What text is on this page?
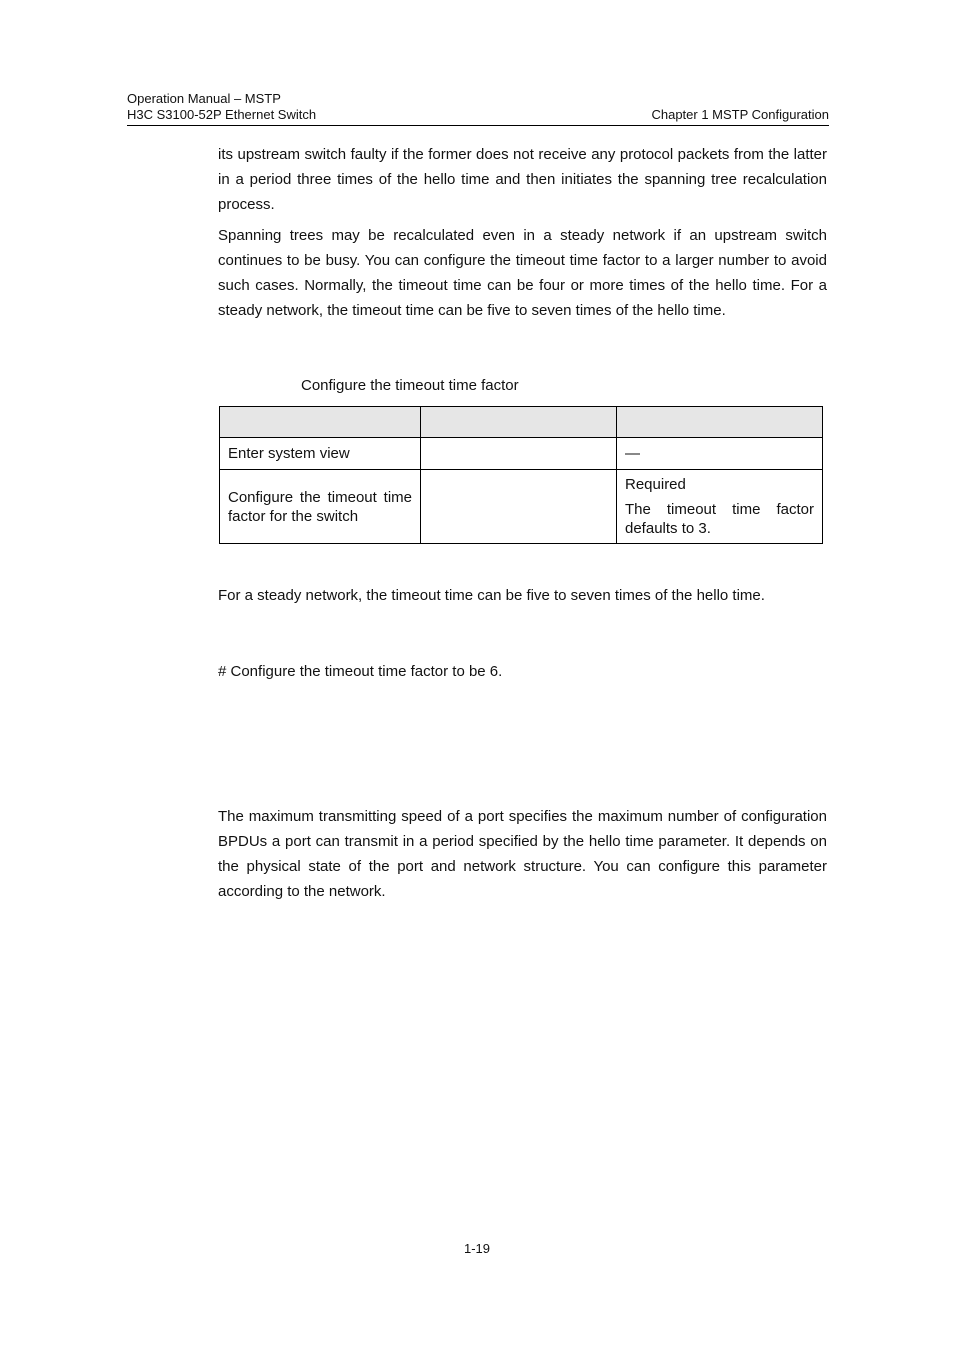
Operation Manual – MSTP
H3C S3100-52P Ethernet Switch	Chapter 1 MSTP Configuration

its upstream switch faulty if the former does not receive any protocol packets from the latter in a period three times of the hello time and then initiates the spanning tree recalculation process.

Spanning trees may be recalculated even in a steady network if an upstream switch continues to be busy. You can configure the timeout time factor to a larger number to avoid such cases. Normally, the timeout time can be four or more times of the hello time. For a steady network, the timeout time can be five to seven times of the hello time.

Configure the timeout time factor

Enter system view		—
Configure the timeout time factor for the switch		Required
The timeout time factor defaults to 3.

For a steady network, the timeout time can be five to seven times of the hello time.

# Configure the timeout time factor to be 6.

The maximum transmitting speed of a port specifies the maximum number of configuration BPDUs a port can transmit in a period specified by the hello time parameter. It depends on the physical state of the port and network structure. You can configure this parameter according to the network.

1-19
